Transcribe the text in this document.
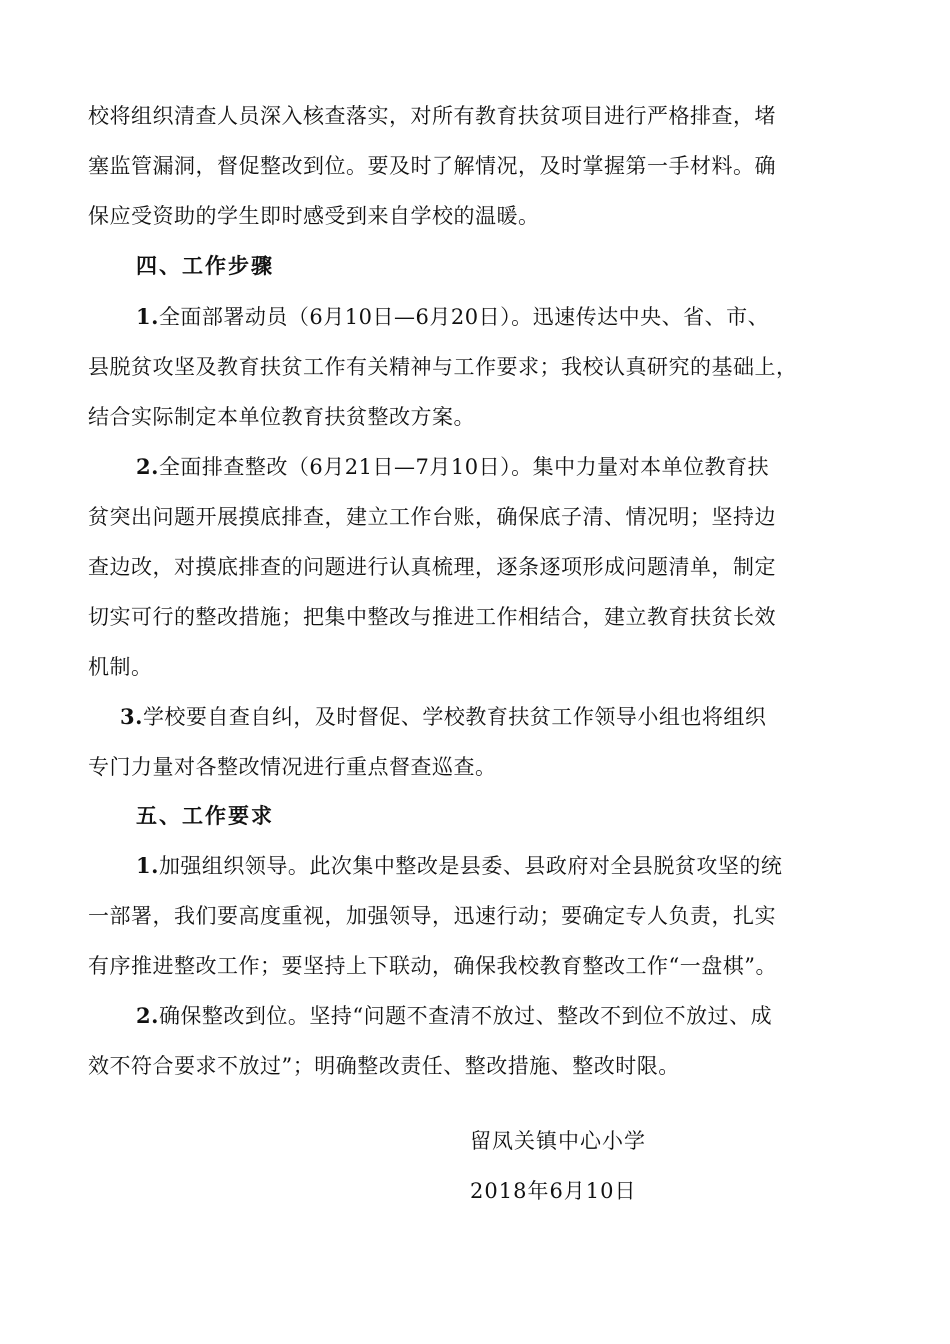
校将组织清查人员深入核查落实，对所有教育扶贫项目进行严格排查，堵
塞监管漏洞，督促整改到位。要及时了解情况，及时掌握第一手材料。确
保应受资助的学生即时感受到来自学校的温暖。
四、工作步骤
1.全面部署动员（6月10日—6月20日）。迅速传达中央、省、市、
县脱贫攻坚及教育扶贫工作有关精神与工作要求；我校认真研究的基础上，
结合实际制定本单位教育扶贫整改方案。
2.全面排查整改（6月21日—7月10日）。集中力量对本单位教育扶
贫突出问题开展摸底排查，建立工作台账，确保底子清、情况明；坚持边
查边改，对摸底排查的问题进行认真梳理，逐条逐项形成问题清单，制定
切实可行的整改措施；把集中整改与推进工作相结合，建立教育扶贫长效
机制。
3.学校要自查自纠，及时督促、学校教育扶贫工作领导小组也将组织
专门力量对各整改情况进行重点督查巡查。
五、工作要求
1.加强组织领导。此次集中整改是县委、县政府对全县脱贫攻坚的统
一部署，我们要高度重视，加强领导，迅速行动；要确定专人负责，扎实
有序推进整改工作；要坚持上下联动，确保我校教育整改工作“一盘棋”。
2.确保整改到位。坚持“问题不查清不放过、整改不到位不放过、成
效不符合要求不放过”；明确整改责任、整改措施、整改时限。
留凤关镇中心小学
2018年6月10日
